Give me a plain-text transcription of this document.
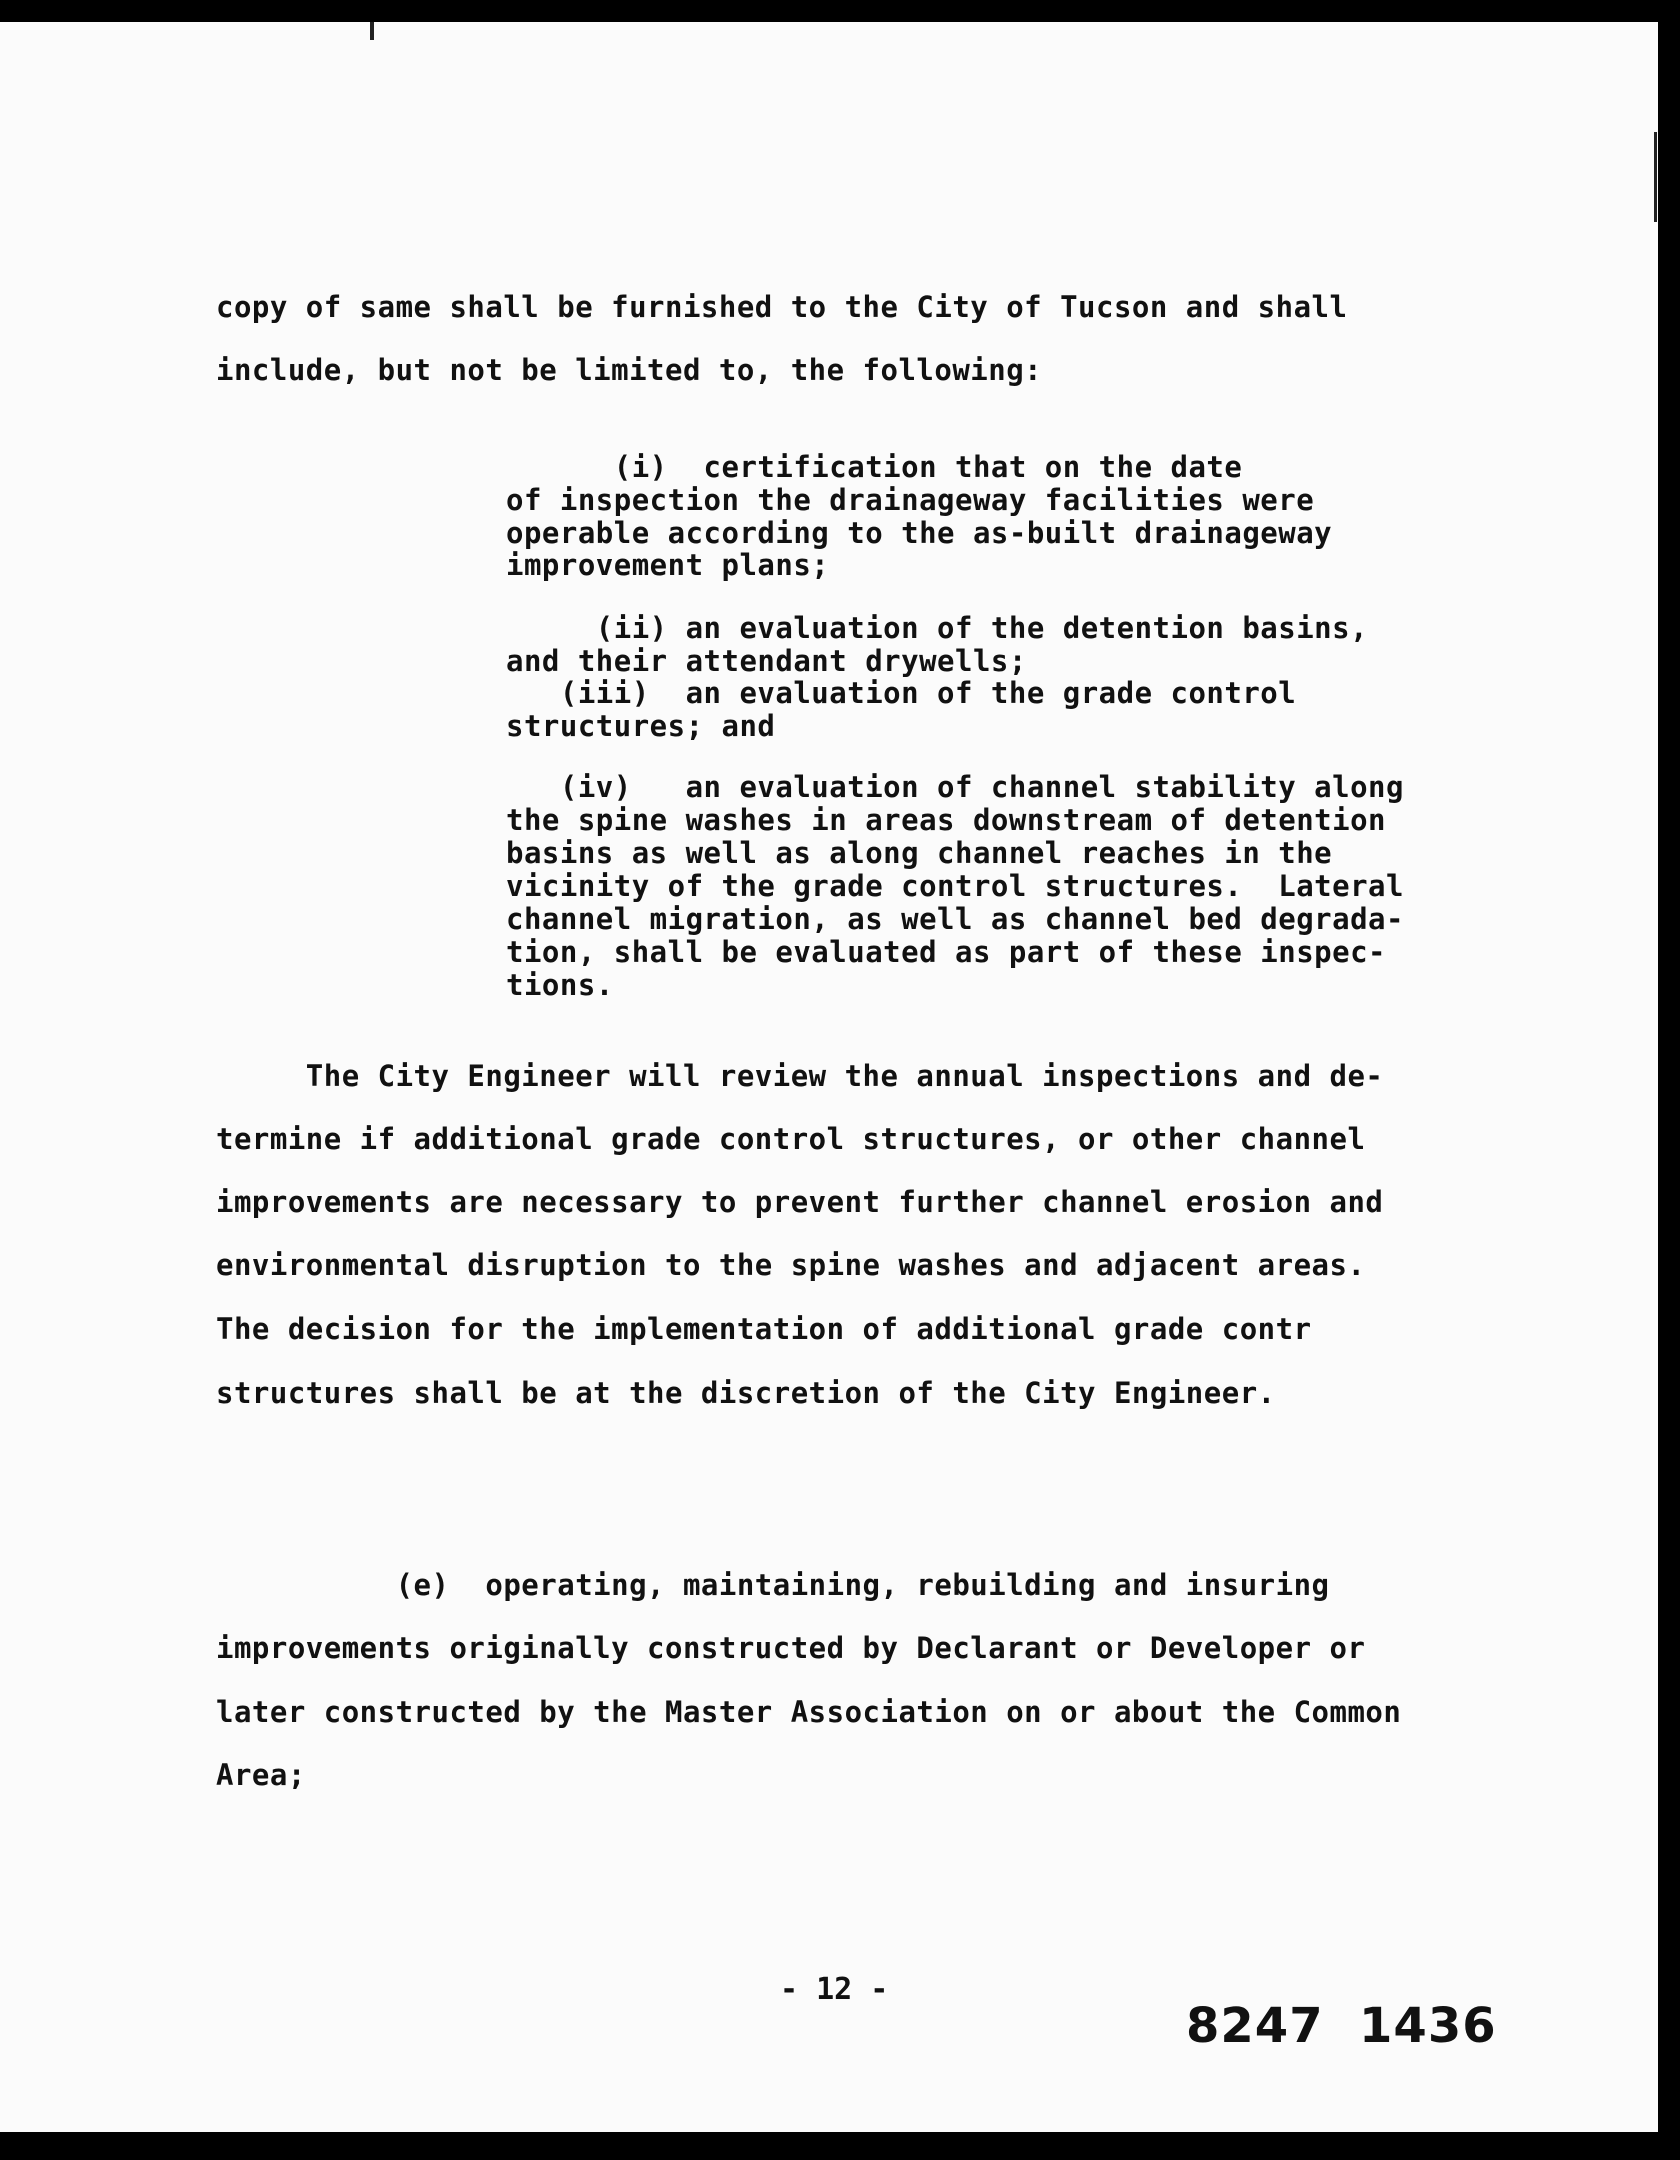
copy of same shall be furnished to the City of Tucson and shall
include, but not be limited to, the following:
(i)  certification that on the date
of inspection the drainageway facilities were
operable according to the as-built drainageway
improvement plans;
(ii) an evaluation of the detention basins,
and their attendant drywells;
(iii)  an evaluation of the grade control
structures; and
(iv)   an evaluation of channel stability along
the spine washes in areas downstream of detention
basins as well as along channel reaches in the
vicinity of the grade control structures.  Lateral
channel migration, as well as channel bed degrada-
tion, shall be evaluated as part of these inspec-
tions.
The City Engineer will review the annual inspections and de-
termine if additional grade control structures, or other channel
improvements are necessary to prevent further channel erosion and
environmental disruption to the spine washes and adjacent areas.
The decision for the implementation of additional grade contr
structures shall be at the discretion of the City Engineer.
(e)  operating, maintaining, rebuilding and insuring
improvements originally constructed by Declarant or Developer or
later constructed by the Master Association on or about the Common
Area;
- 12 -
8247  1436
